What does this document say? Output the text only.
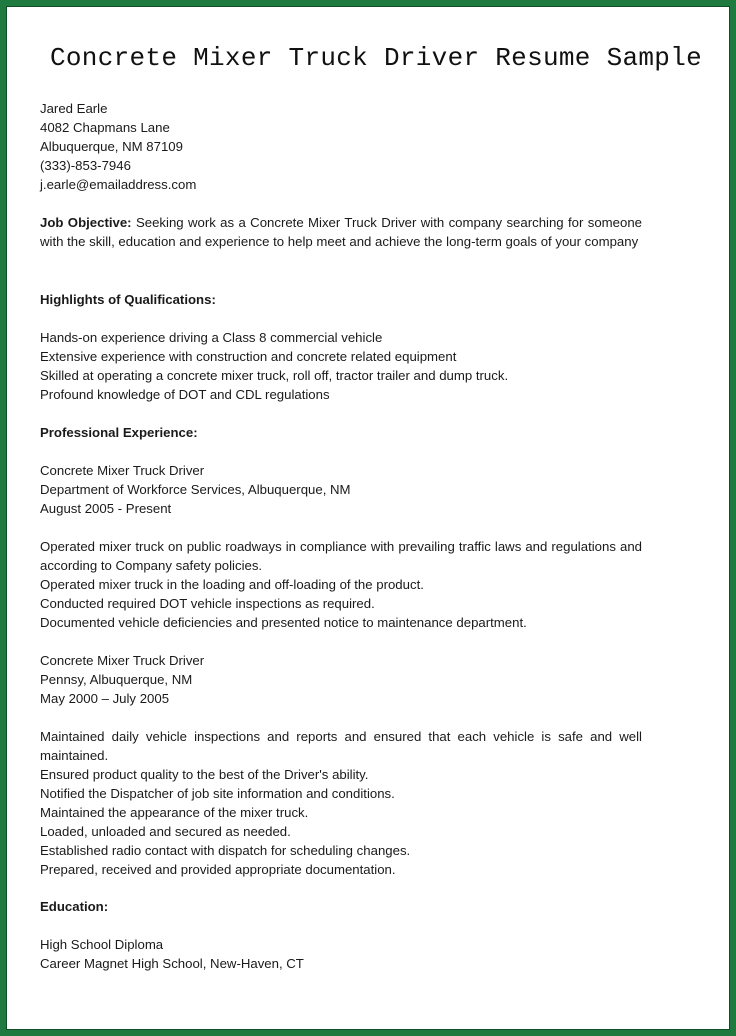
Concrete Mixer Truck Driver Resume Sample
Jared Earle
4082 Chapmans Lane
Albuquerque, NM 87109
(333)-853-7946
j.earle@emailaddress.com
Job Objective: Seeking work as a Concrete Mixer Truck Driver with company searching for someone with the skill, education and experience to help meet and achieve the long-term goals of your company
Highlights of Qualifications:
Hands-on experience driving a Class 8 commercial vehicle
Extensive experience with construction and concrete related equipment
Skilled at operating a concrete mixer truck, roll off, tractor trailer and dump truck.
Profound knowledge of DOT and CDL regulations
Professional Experience:
Concrete Mixer Truck Driver
Department of Workforce Services, Albuquerque, NM
August 2005 - Present
Operated mixer truck on public roadways in compliance with prevailing traffic laws and regulations and according to Company safety policies.
Operated mixer truck in the loading and off-loading of the product.
Conducted required DOT vehicle inspections as required.
Documented vehicle deficiencies and presented notice to maintenance department.
Concrete Mixer Truck Driver
Pennsy, Albuquerque, NM
May 2000 – July 2005
Maintained daily vehicle inspections and reports and ensured that each vehicle is safe and well maintained.
Ensured product quality to the best of the Driver's ability.
Notified the Dispatcher of job site information and conditions.
Maintained the appearance of the mixer truck.
Loaded, unloaded and secured as needed.
Established radio contact with dispatch for scheduling changes.
Prepared, received and provided appropriate documentation.
Education:
High School Diploma
Career Magnet High School, New-Haven, CT
